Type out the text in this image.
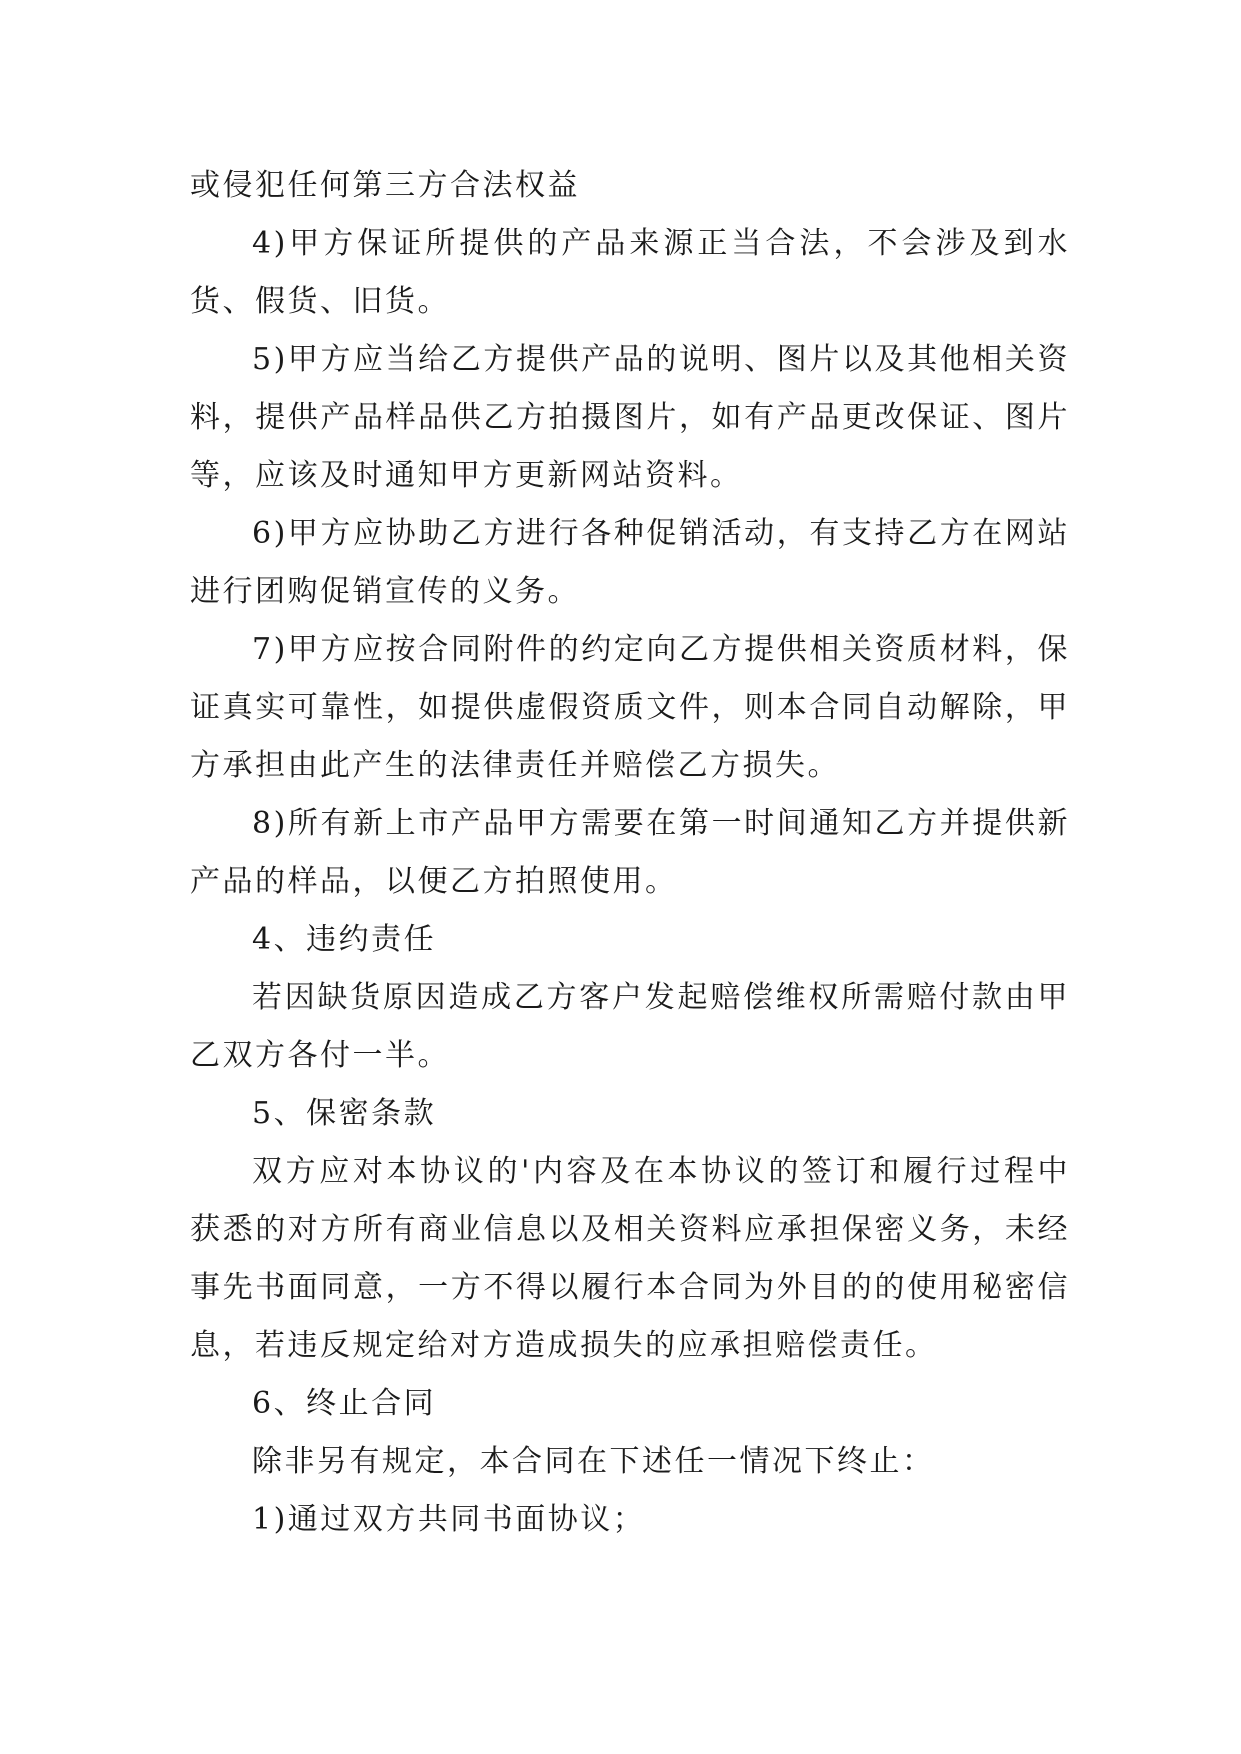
或侵犯任何第三方合法权益

4)甲方保证所提供的产品来源正当合法，不会涉及到水货、假货、旧货。

5)甲方应当给乙方提供产品的说明、图片以及其他相关资料，提供产品样品供乙方拍摄图片，如有产品更改保证、图片等，应该及时通知甲方更新网站资料。

6)甲方应协助乙方进行各种促销活动，有支持乙方在网站进行团购促销宣传的义务。

7)甲方应按合同附件的约定向乙方提供相关资质材料，保证真实可靠性，如提供虚假资质文件，则本合同自动解除，甲方承担由此产生的法律责任并赔偿乙方损失。

8)所有新上市产品甲方需要在第一时间通知乙方并提供新产品的样品，以便乙方拍照使用。

4、违约责任

若因缺货原因造成乙方客户发起赔偿维权所需赔付款由甲乙双方各付一半。

5、保密条款

双方应对本协议的'内容及在本协议的签订和履行过程中获悉的对方所有商业信息以及相关资料应承担保密义务，未经事先书面同意，一方不得以履行本合同为外目的的使用秘密信息，若违反规定给对方造成损失的应承担赔偿责任。

6、终止合同

除非另有规定，本合同在下述任一情况下终止：

1)通过双方共同书面协议；
